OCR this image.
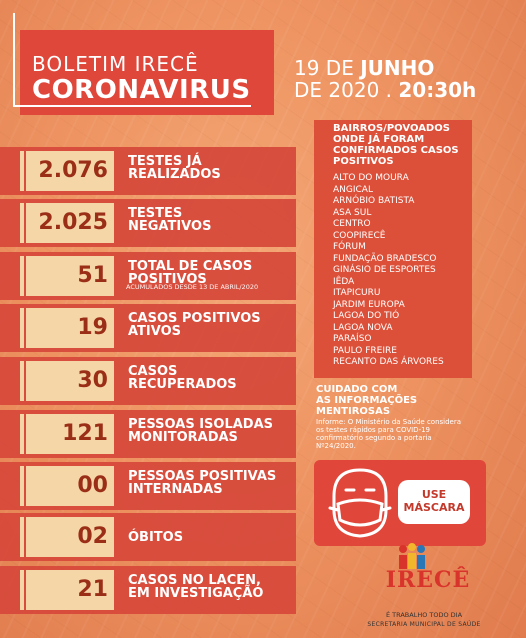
BOLETIM IRECÊ
CORONAVIRUS
19 DE JUNHO
DE 2020 . 20:30h
2.076	TESTES JÁ
REALIZADOS
2.025	TESTES
NEGATIVOS
51	TOTAL DE CASOS
POSITIVOS
ACUMULADOS DESDE 13 DE ABRIL/2020
19	CASOS POSITIVOS
ATIVOS
30	CASOS
RECUPERADOS
121	PESSOAS ISOLADAS
MONITORADAS
00	PESSOAS POSITIVAS
INTERNADAS
02	ÓBITOS
21	CASOS NO LACEN,
EM INVESTIGAÇÃO
BAIRROS/POVOADOS
ONDE JÁ FORAM
CONFIRMADOS CASOS
POSITIVOS
ALTO DO MOURA
ANGICAL
ARNÓBIO BATISTA
ASA SUL
CENTRO
COOPIRECÊ
FÓRUM
FUNDAÇÃO BRADESCO
GINÁSIO DE ESPORTES
IÊDA
ITAPICURU
JARDIM EUROPA
LAGOA DO TIÓ
LAGOA NOVA
PARAÍSO
PAULO FREIRE
RECANTO DAS ÁRVORES
CUIDADO COM
AS INFORMAÇÕES
MENTIROSAS
Informe: O Ministério da Saúde considera os testes rápidos para COVID-19 confirmatório segundo a portaria Nº24/2020.
USE
MÁSCARA
IRECÊ
É TRABALHO TODO DIA
SECRETARIA MUNICIPAL DE SAÚDE
